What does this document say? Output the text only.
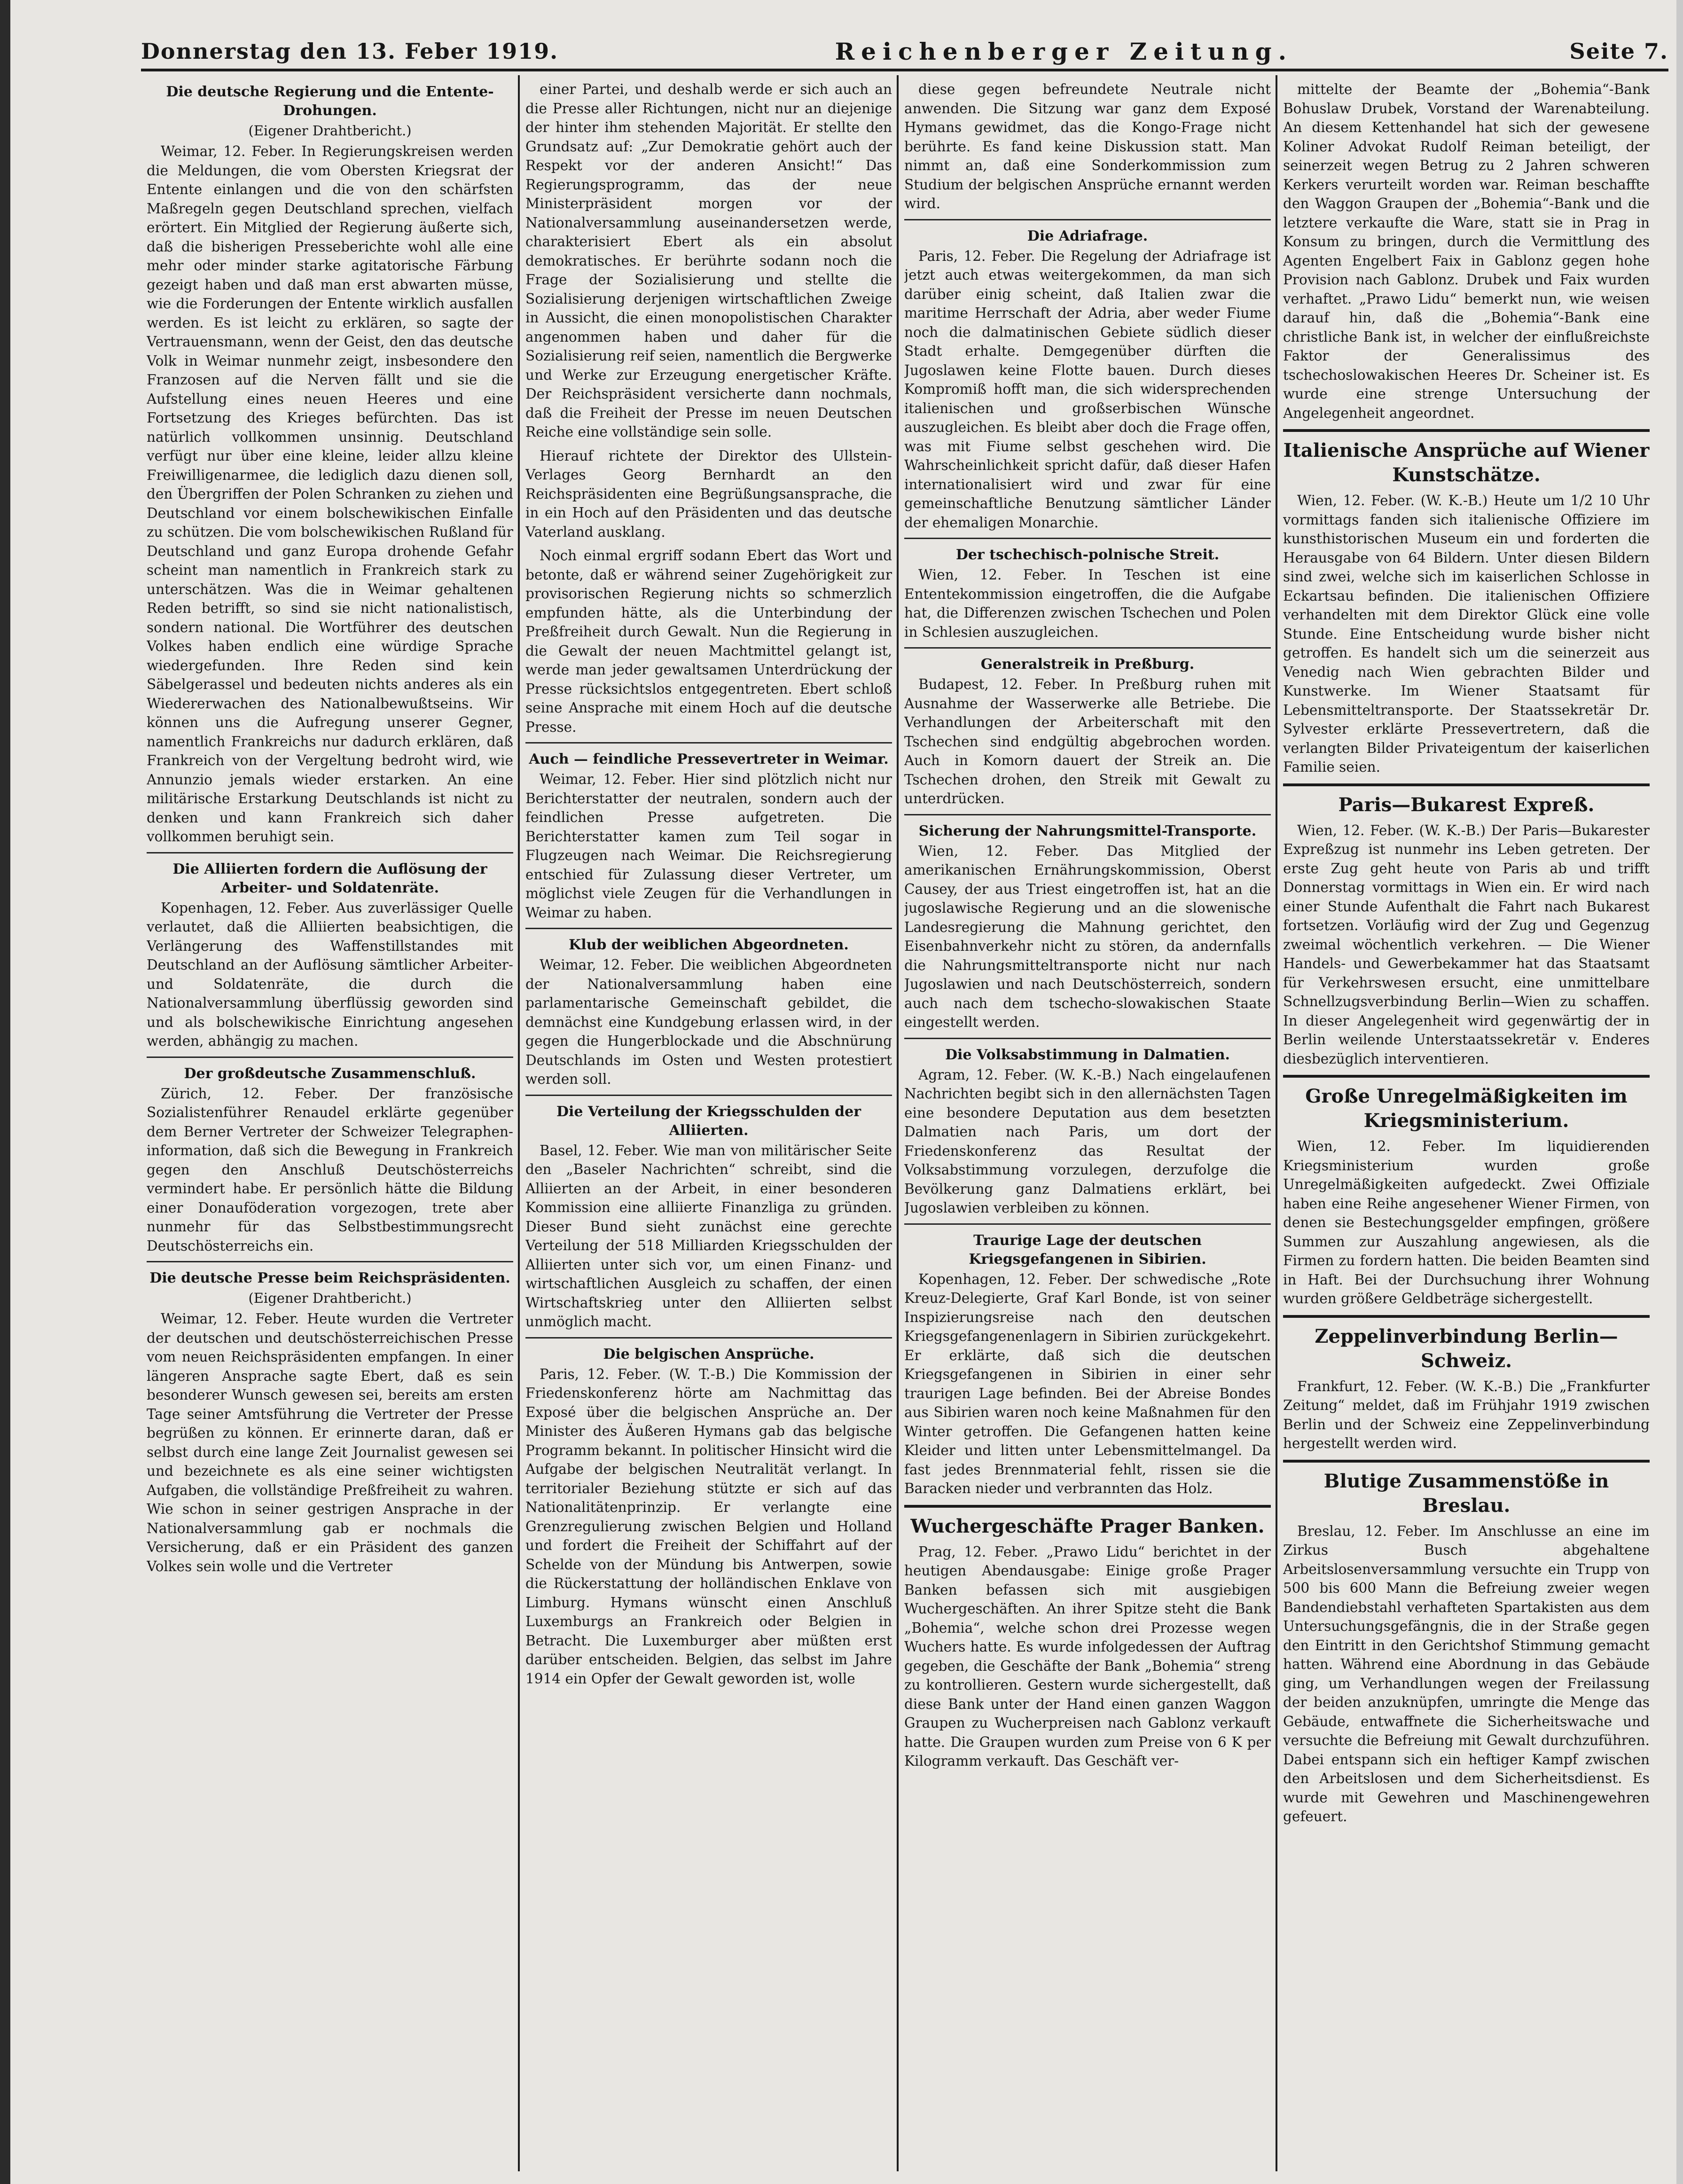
Donnerstag den 13. Feber 1919.	Reichenberger Zeitung.	Seite 7.
Die deutsche Regierung und die Entente-Drohungen.
(Eigener Drahtbericht.)

Weimar, 12. Feber. In Regierungskreisen werden die Meldungen, die vom Obersten Kriegsrat der Entente einlangen und die von den schärfsten Maßregeln gegen Deutschland sprechen, vielfach erörtert. Ein Mitglied der Regierung äußerte sich, daß die bisherigen Presseberichte wohl alle eine mehr oder minder starke agitatorische Färbung gezeigt haben und daß man erst abwarten müsse, wie die Forderungen der Entente wirklich ausfallen werden. Es ist leicht zu erklären, so sagte der Vertrauensmann, wenn der Geist, den das deutsche Volk in Weimar nunmehr zeigt, insbesondere den Franzosen auf die Nerven fällt und sie die Aufstellung eines neuen Heeres und eine Fortsetzung des Krieges befürchten. Das ist natürlich vollkommen unsinnig. Deutschland verfügt nur über eine kleine, leider allzu kleine Freiwilligenarmee, die lediglich dazu dienen soll, den Übergriffen der Polen Schranken zu ziehen und Deutschland vor einem bolschewikischen Einfalle zu schützen. Die vom bolschewikischen Rußland für Deutschland und ganz Europa drohende Gefahr scheint man namentlich in Frankreich stark zu unterschätzen. Was die in Weimar gehaltenen Reden betrifft, so sind sie nicht nationalistisch, sondern national. Die Wortführer des deutschen Volkes haben endlich eine würdige Sprache wiedergefunden. Ihre Reden sind kein Säbelgerassel und bedeuten nichts anderes als ein Wiedererwachen des Nationalbewußtseins. Wir können uns die Aufregung unserer Gegner, namentlich Frankreichs nur dadurch erklären, daß Frankreich von der Vergeltung bedroht wird, wie Annunzio jemals wieder erstarken. An eine militärische Erstarkung Deutschlands ist nicht zu denken und kann Frankreich sich daher vollkommen beruhigt sein.

Die Alliierten fordern die Auflösung der Arbeiter- und Soldatenräte.

Kopenhagen, 12. Feber. Aus zuverlässiger Quelle verlautet, daß die Alliierten beabsichtigen, die Verlängerung des Waffenstillstandes mit Deutschland an der Auflösung sämtlicher Arbeiter- und Soldatenräte, die durch die Nationalversammlung überflüssig geworden sind und als bolschewikische Einrichtung angesehen werden, abhängig zu machen.

Der großdeutsche Zusammenschluß.

Zürich, 12. Feber. Der französische Sozialistenführer Renaudel erklärte gegenüber dem Berner Vertreter der Schweizer Telegraphen-information, daß sich die Bewegung in Frankreich gegen den Anschluß Deutschösterreichs vermindert habe. Er persönlich hätte die Bildung einer Donauföderation vorgezogen, trete aber nunmehr für das Selbstbestimmungsrecht Deutschösterreichs ein.

Die deutsche Presse beim Reichspräsidenten.
(Eigener Drahtbericht.)

Weimar, 12. Feber. Heute wurden die Vertreter der deutschen und deutschösterreichischen Presse vom neuen Reichspräsidenten empfangen. In einer längeren Ansprache sagte Ebert, daß es sein besonderer Wunsch gewesen sei, bereits am ersten Tage seiner Amtsführung die Vertreter der Presse begrüßen zu können. Er erinnerte daran, daß er selbst durch eine lange Zeit Journalist gewesen sei und bezeichnete es als eine seiner wichtigsten Aufgaben, die vollständige Preßfreiheit zu wahren. Wie schon in seiner gestrigen Ansprache in der Nationalversammlung gab er nochmals die Versicherung, daß er ein Präsident des ganzen Volkes sein wolle und die Vertreter

einer Partei, und deshalb werde er sich auch an die Presse aller Richtungen, nicht nur an diejenige der hinter ihm stehenden Majorität. Er stellte den Grundsatz auf: „Zur Demokratie gehört auch der Respekt vor der anderen Ansicht!“ Das Regierungsprogramm, das der neue Ministerpräsident morgen vor der Nationalversammlung auseinandersetzen werde, charakterisiert Ebert als ein absolut demokratisches. Er berührte sodann noch die Frage der Sozialisierung und stellte die Sozialisierung derjenigen wirtschaftlichen Zweige in Aussicht, die einen monopolistischen Charakter angenommen haben und daher für die Sozialisierung reif seien, namentlich die Bergwerke und Werke zur Erzeugung energetischer Kräfte. Der Reichspräsident versicherte dann nochmals, daß die Freiheit der Presse im neuen Deutschen Reiche eine vollständige sein solle.

Hierauf richtete der Direktor des Ullstein-Verlages Georg Bernhardt an den Reichspräsidenten eine Begrüßungsansprache, die in ein Hoch auf den Präsidenten und das deutsche Vaterland ausklang.

Noch einmal ergriff sodann Ebert das Wort und betonte, daß er während seiner Zugehörigkeit zur provisorischen Regierung nichts so schmerzlich empfunden hätte, als die Unterbindung der Preßfreiheit durch Gewalt. Nun die Regierung in die Gewalt der neuen Machtmittel gelangt ist, werde man jeder gewaltsamen Unterdrückung der Presse rücksichtslos entgegentreten. Ebert schloß seine Ansprache mit einem Hoch auf die deutsche Presse.

Auch — feindliche Pressevertreter in Weimar.

Weimar, 12. Feber. Hier sind plötzlich nicht nur Berichterstatter der neutralen, sondern auch der feindlichen Presse aufgetreten. Die Berichterstatter kamen zum Teil sogar in Flugzeugen nach Weimar. Die Reichsregierung entschied für Zulassung dieser Vertreter, um möglichst viele Zeugen für die Verhandlungen in Weimar zu haben.

Klub der weiblichen Abgeordneten.

Weimar, 12. Feber. Die weiblichen Abgeordneten der Nationalversammlung haben eine parlamentarische Gemeinschaft gebildet, die demnächst eine Kundgebung erlassen wird, in der gegen die Hungerblockade und die Abschnürung Deutschlands im Osten und Westen protestiert werden soll.

Die Verteilung der Kriegsschulden der Alliierten.

Basel, 12. Feber. Wie man von militärischer Seite den „Baseler Nachrichten“ schreibt, sind die Alliierten an der Arbeit, in einer besonderen Kommission eine alliierte Finanzliga zu gründen. Dieser Bund sieht zunächst eine gerechte Verteilung der 518 Milliarden Kriegsschulden der Alliierten unter sich vor, um einen Finanz- und wirtschaftlichen Ausgleich zu schaffen, der einen Wirtschaftskrieg unter den Alliierten selbst unmöglich macht.

Die belgischen Ansprüche.

Paris, 12. Feber. (W. T.-B.) Die Kommission der Friedenskonferenz hörte am Nachmittag das Exposé über die belgischen Ansprüche an. Der Minister des Äußeren Hymans gab das belgische Programm bekannt. In politischer Hinsicht wird die Aufgabe der belgischen Neutralität verlangt. In territorialer Beziehung stützte er sich auf das Nationalitätenprinzip. Er verlangte eine Grenzregulierung zwischen Belgien und Holland und fordert die Freiheit der Schiffahrt auf der Schelde von der Mündung bis Antwerpen, sowie die Rückerstattung der holländischen Enklave von Limburg. Hymans wünscht einen Anschluß Luxemburgs an Frankreich oder Belgien in Betracht. Die Luxemburger aber müßten erst darüber entscheiden. Belgien, das selbst im Jahre 1914 ein Opfer der Gewalt geworden ist, wolle

diese gegen befreundete Neutrale nicht anwenden. Die Sitzung war ganz dem Exposé Hymans gewidmet, das die Kongo-Frage nicht berührte. Es fand keine Diskussion statt. Man nimmt an, daß eine Sonderkommission zum Studium der belgischen Ansprüche ernannt werden wird.

Die Adriafrage.

Paris, 12. Feber. Die Regelung der Adriafrage ist jetzt auch etwas weitergekommen, da man sich darüber einig scheint, daß Italien zwar die maritime Herrschaft der Adria, aber weder Fiume noch die dalmatinischen Gebiete südlich dieser Stadt erhalte. Demgegenüber dürften die Jugoslawen keine Flotte bauen. Durch dieses Kompromiß hofft man, die sich widersprechenden italienischen und großserbischen Wünsche auszugleichen. Es bleibt aber doch die Frage offen, was mit Fiume selbst geschehen wird. Die Wahrscheinlichkeit spricht dafür, daß dieser Hafen internationalisiert wird und zwar für eine gemeinschaftliche Benutzung sämtlicher Länder der ehemaligen Monarchie.

Der tschechisch-polnische Streit.

Wien, 12. Feber. In Teschen ist eine Ententekommission eingetroffen, die die Aufgabe hat, die Differenzen zwischen Tschechen und Polen in Schlesien auszugleichen.

Generalstreik in Preßburg.

Budapest, 12. Feber. In Preßburg ruhen mit Ausnahme der Wasserwerke alle Betriebe. Die Verhandlungen der Arbeiterschaft mit den Tschechen sind endgültig abgebrochen worden. Auch in Komorn dauert der Streik an. Die Tschechen drohen, den Streik mit Gewalt zu unterdrücken.

Sicherung der Nahrungsmittel-Transporte.

Wien, 12. Feber. Das Mitglied der amerikanischen Ernährungskommission, Oberst Causey, der aus Triest eingetroffen ist, hat an die jugoslawische Regierung und an die slowenische Landesregierung die Mahnung gerichtet, den Eisenbahnverkehr nicht zu stören, da andernfalls die Nahrungsmitteltransporte nicht nur nach Jugoslawien und nach Deutschösterreich, sondern auch nach dem tschecho-slowakischen Staate eingestellt werden.

Die Volksabstimmung in Dalmatien.

Agram, 12. Feber. (W. K.-B.) Nach eingelaufenen Nachrichten begibt sich in den allernächsten Tagen eine besondere Deputation aus dem besetzten Dalmatien nach Paris, um dort der Friedenskonferenz das Resultat der Volksabstimmung vorzulegen, derzufolge die Bevölkerung ganz Dalmatiens erklärt, bei Jugoslawien verbleiben zu können.

Traurige Lage der deutschen Kriegsgefangenen in Sibirien.

Kopenhagen, 12. Feber. Der schwedische „Rote Kreuz-Delegierte, Graf Karl Bonde, ist von seiner Inspizierungsreise nach den deutschen Kriegsgefangenenlagern in Sibirien zurückgekehrt. Er erklärte, daß sich die deutschen Kriegsgefangenen in Sibirien in einer sehr traurigen Lage befinden. Bei der Abreise Bondes aus Sibirien waren noch keine Maßnahmen für den Winter getroffen. Die Gefangenen hatten keine Kleider und litten unter Lebensmittelmangel. Da fast jedes Brennmaterial fehlt, rissen sie die Baracken nieder und verbrannten das Holz.

Wuchergeschäfte Prager Banken.

Prag, 12. Feber. „Prawo Lidu“ berichtet in der heutigen Abendausgabe: Einige große Prager Banken befassen sich mit ausgiebigen Wuchergeschäften. An ihrer Spitze steht die Bank „Bohemia“, welche schon drei Prozesse wegen Wuchers hatte. Es wurde infolgedessen der Auftrag gegeben, die Geschäfte der Bank „Bohemia“ streng zu kontrollieren. Gestern wurde sichergestellt, daß diese Bank unter der Hand einen ganzen Waggon Graupen zu Wucherpreisen nach Gablonz verkauft hatte. Die Graupen wurden zum Preise von 6 K per Kilogramm verkauft. Das Geschäft ver-

mittelte der Beamte der „Bohemia“-Bank Bohuslaw Drubek, Vorstand der Warenabteilung. An diesem Kettenhandel hat sich der gewesene Koliner Advokat Rudolf Reiman beteiligt, der seinerzeit wegen Betrug zu 2 Jahren schweren Kerkers verurteilt worden war. Reiman beschaffte den Waggon Graupen der „Bohemia“-Bank und die letztere verkaufte die Ware, statt sie in Prag in Konsum zu bringen, durch die Vermittlung des Agenten Engelbert Faix in Gablonz gegen hohe Provision nach Gablonz. Drubek und Faix wurden verhaftet. „Prawo Lidu“ bemerkt nun, wie weisen darauf hin, daß die „Bohemia“-Bank eine christliche Bank ist, in welcher der einflußreichste Faktor der Generalissimus des tschechoslowakischen Heeres Dr. Scheiner ist. Es wurde eine strenge Untersuchung der Angelegenheit angeordnet.

Italienische Ansprüche auf Wiener Kunstschätze.

Wien, 12. Feber. (W. K.-B.) Heute um 1/2 10 Uhr vormittags fanden sich italienische Offiziere im kunsthistorischen Museum ein und forderten die Herausgabe von 64 Bildern. Unter diesen Bildern sind zwei, welche sich im kaiserlichen Schlosse in Eckartsau befinden. Die italienischen Offiziere verhandelten mit dem Direktor Glück eine volle Stunde. Eine Entscheidung wurde bisher nicht getroffen. Es handelt sich um die seinerzeit aus Venedig nach Wien gebrachten Bilder und Kunstwerke. Im Wiener Staatsamt für Lebensmitteltransporte. Der Staatssekretär Dr. Sylvester erklärte Pressevertretern, daß die verlangten Bilder Privateigentum der kaiserlichen Familie seien.

Paris—Bukarest Expreß.

Wien, 12. Feber. (W. K.-B.) Der Paris—Bukarester Expreßzug ist nunmehr ins Leben getreten. Der erste Zug geht heute von Paris ab und trifft Donnerstag vormittags in Wien ein. Er wird nach einer Stunde Aufenthalt die Fahrt nach Bukarest fortsetzen. Vorläufig wird der Zug und Gegenzug zweimal wöchentlich verkehren. — Die Wiener Handels- und Gewerbekammer hat das Staatsamt für Verkehrswesen ersucht, eine unmittelbare Schnellzugsverbindung Berlin—Wien zu schaffen. In dieser Angelegenheit wird gegenwärtig der in Berlin weilende Unterstaatssekretär v. Enderes diesbezüglich interventieren.

Große Unregelmäßigkeiten im Kriegsministerium.

Wien, 12. Feber. Im liquidierenden Kriegsministerium wurden große Unregelmäßigkeiten aufgedeckt. Zwei Offiziale haben eine Reihe angesehener Wiener Firmen, von denen sie Bestechungsgelder empfingen, größere Summen zur Auszahlung angewiesen, als die Firmen zu fordern hatten. Die beiden Beamten sind in Haft. Bei der Durchsuchung ihrer Wohnung wurden größere Geldbeträge sichergestellt.

Zeppelinverbindung Berlin—Schweiz.

Frankfurt, 12. Feber. (W. K.-B.) Die „Frankfurter Zeitung“ meldet, daß im Frühjahr 1919 zwischen Berlin und der Schweiz eine Zeppelinverbindung hergestellt werden wird.

Blutige Zusammenstöße in Breslau.

Breslau, 12. Feber. Im Anschlusse an eine im Zirkus Busch abgehaltene Arbeitslosenversammlung versuchte ein Trupp von 500 bis 600 Mann die Befreiung zweier wegen Bandendiebstahl verhafteten Spartakisten aus dem Untersuchungsgefängnis, die in der Straße gegen den Eintritt in den Gerichtshof Stimmung gemacht hatten. Während eine Abordnung in das Gebäude ging, um Verhandlungen wegen der Freilassung der beiden anzuknüpfen, umringte die Menge das Gebäude, entwaffnete die Sicherheitswache und versuchte die Befreiung mit Gewalt durchzuführen. Dabei entspann sich ein heftiger Kampf zwischen den Arbeitslosen und dem Sicherheitsdienst. Es wurde mit Gewehren und Maschinengewehren gefeuert.
